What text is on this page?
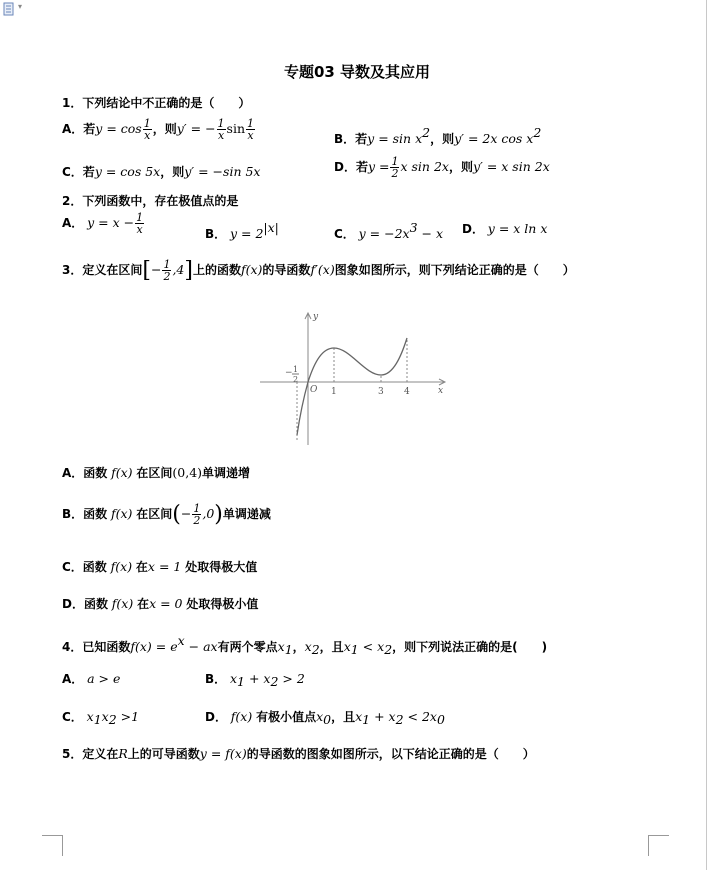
▾
专题03 导数及其应用
1．下列结论中不正确的是（　　）
A．若$y = \cos \frac{1}{x}$ ，则y′ = − $\frac{1}{x}$ $\sin \frac{1}{x}$	B．若$y = \sin x^2$，则y′ = 2x $\cos x^2$
C．若y = cos 5x，则y′ = −sin 5x	D．若$y = \frac{1}{2}$ x sin 2x，则y′ = x sin 2x
2．下列函数中，存在极值点的是
A． $y = x - \frac{1}{x}$	B． $y = 2^{|x|}$	C． $y = -2x^3 - x$ D． y = x ln x
3．定义在区间[− $\frac{1}{2} ,4$]上的函数f(x)的导函数f′(x)图象如图所示，则下列结论正确的是（　　）
y
x
O 1	3 4
− 1
2
A．函数 f(x) 在区间(0,4)单调递增
B．函数 f(x) 在区间(− $\frac{1}{2} ,0$)单调递减
C．函数 f(x) 在x = 1 处取得极大值
D．函数 f(x) 在x = 0 处取得极小值
4．已知函数$f(x) = e^x$ − ax有两个零点$x_1$，$x_2$，且$x_1 < x_2$，则下列说法正确的是(　　)
A． a > e	B． $x_1 + x_2 > 2$
C． $x_1x_2 >1$	D． f(x) 有极小值点$x_0$，且$x_1 + x_2 < 2x_0$
5．定义在R上的可导函数y = f(x)的导函数的图象如图所示，以下结论正确的是（　　）
